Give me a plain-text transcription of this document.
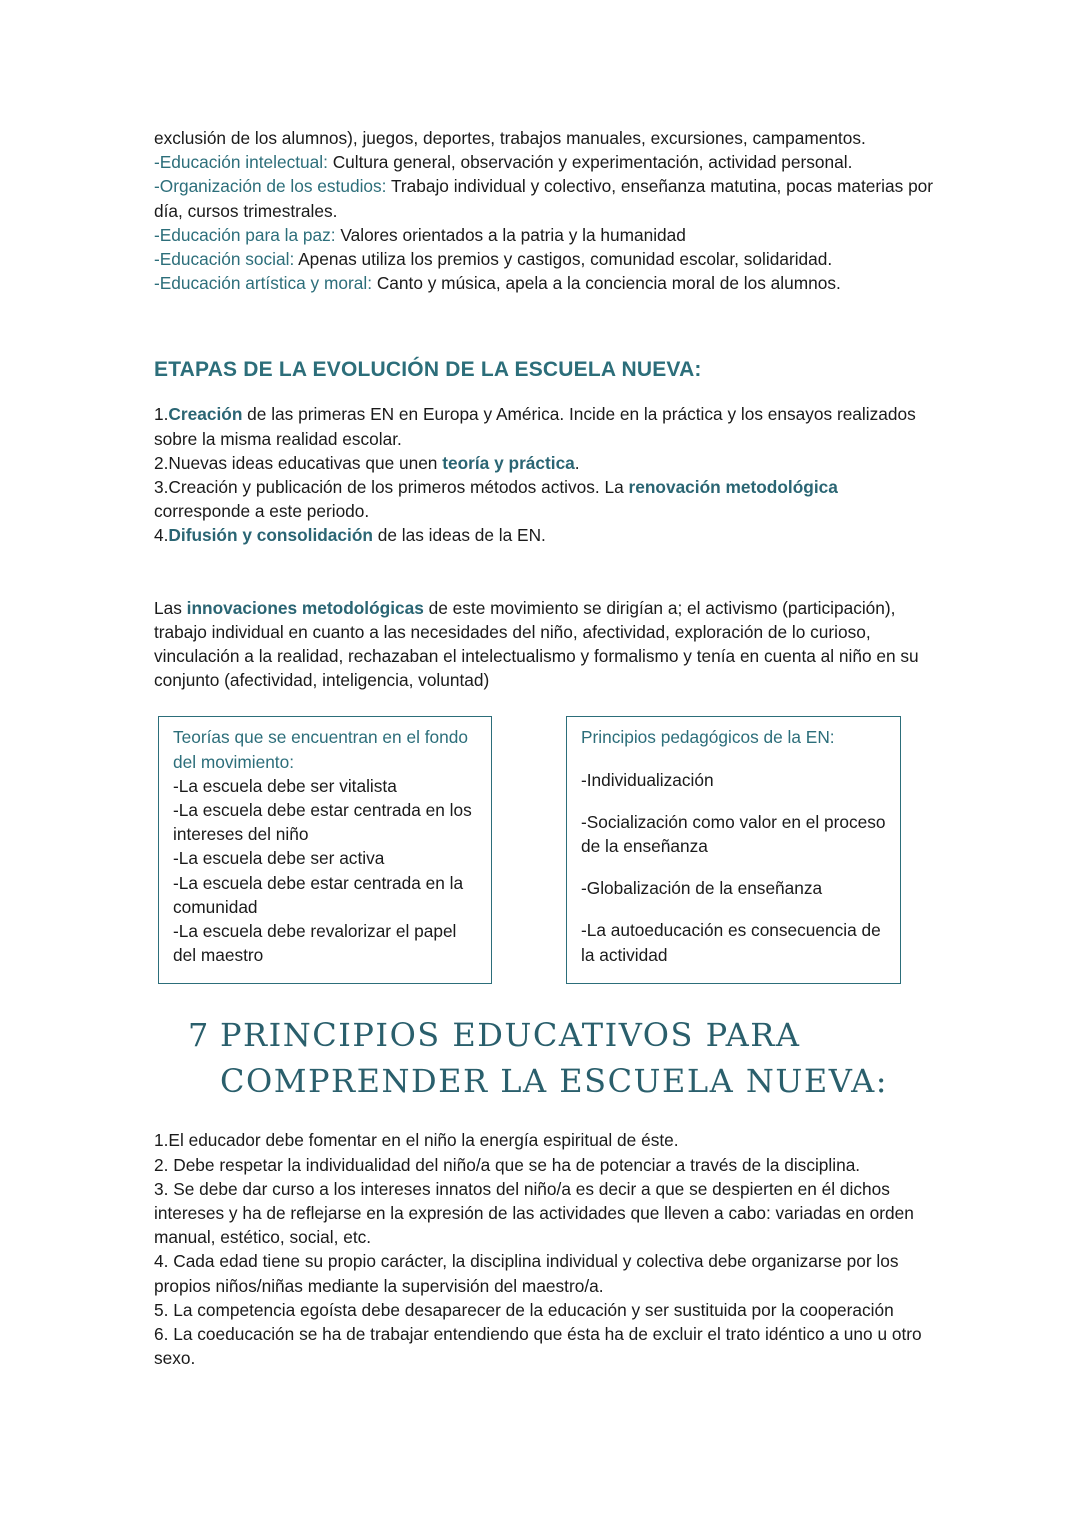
exclusión de los alumnos), juegos, deportes, trabajos manuales, excursiones, campamentos.

-Educación intelectual: Cultura general, observación y experimentación, actividad personal.

-Organización de los estudios: Trabajo individual y colectivo, enseñanza matutina, pocas materias por día, cursos trimestrales.

-Educación para la paz: Valores orientados a la patria y la humanidad

-Educación social: Apenas utiliza los premios y castigos, comunidad escolar, solidaridad.

-Educación artística y moral: Canto y música, apela a la conciencia moral de los alumnos.

ETAPAS DE LA EVOLUCIÓN DE LA ESCUELA NUEVA:

1.Creación de las primeras EN en Europa y América. Incide en la práctica y los ensayos realizados sobre la misma realidad escolar.

2.Nuevas ideas educativas que unen teoría y práctica.

3.Creación y publicación de los primeros métodos activos. La renovación metodológica corresponde a este periodo.

4.Difusión y consolidación de las ideas de la EN.

Las innovaciones metodológicas de este movimiento se dirigían a; el activismo (participación), trabajo individual en cuanto a las necesidades del niño, afectividad, exploración de lo curioso, vinculación a la realidad, rechazaban el intelectualismo y formalismo y tenía en cuenta al niño en su conjunto (afectividad, inteligencia, voluntad)

Teorías que se encuentran en el fondo del movimiento:
-La escuela debe ser vitalista
-La escuela debe estar centrada en los intereses del niño
-La escuela debe ser activa
-La escuela debe estar centrada en la comunidad
-La escuela debe revalorizar el papel del maestro
Principios pedagógicos de la EN:
-Individualización
-Socialización como valor en el proceso de la enseñanza
-Globalización de la enseñanza
-La autoeducación es consecuencia de la actividad
7 PRINCIPIOS EDUCATIVOS PARA
COMPRENDER LA ESCUELA NUEVA:

1.El educador debe fomentar en el niño la energía espiritual de éste.

2. Debe respetar la individualidad del niño/a que se ha de potenciar a través de la disciplina.

3. Se debe dar curso a los intereses innatos del niño/a es decir a que se despierten en él dichos intereses y ha de reflejarse en la expresión de las actividades que lleven a cabo: variadas en orden manual, estético, social, etc.

4. Cada edad tiene su propio carácter, la disciplina individual y colectiva debe organizarse por los propios niños/niñas mediante la supervisión del maestro/a.

5. La competencia egoísta debe desaparecer de la educación y ser sustituida por la cooperación

6. La coeducación se ha de trabajar entendiendo que ésta ha de excluir el trato idéntico a uno u otro sexo.
